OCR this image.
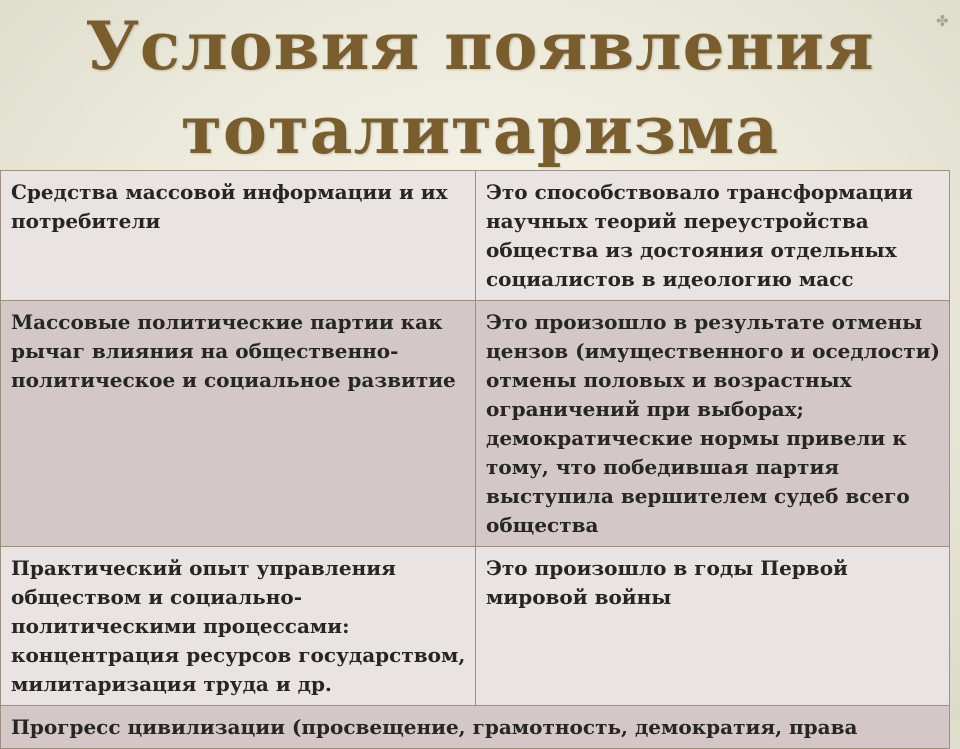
Условия появления
тоталитаризма
✤
Средства массовой информации и их потребители	Это способствовало трансформации научных теорий переустройства общества из достояния отдельных социалистов в идеологию масс
Массовые политические партии как рычаг влияния на общественно-политическое и социальное развитие	Это произошло в результате отмены цензов (имущественного и оседлости) отмены половых и возрастных ограничений при выборах; демократические нормы привели к тому, что победившая партия выступила вершителем судеб всего общества
Практический опыт управления обществом и социально-политическими процессами: концентрация ресурсов государством, милитаризация труда и др.	Это произошло в годы Первой мировой войны
Прогресс цивилизации (просвещение, грамотность, демократия, права	
